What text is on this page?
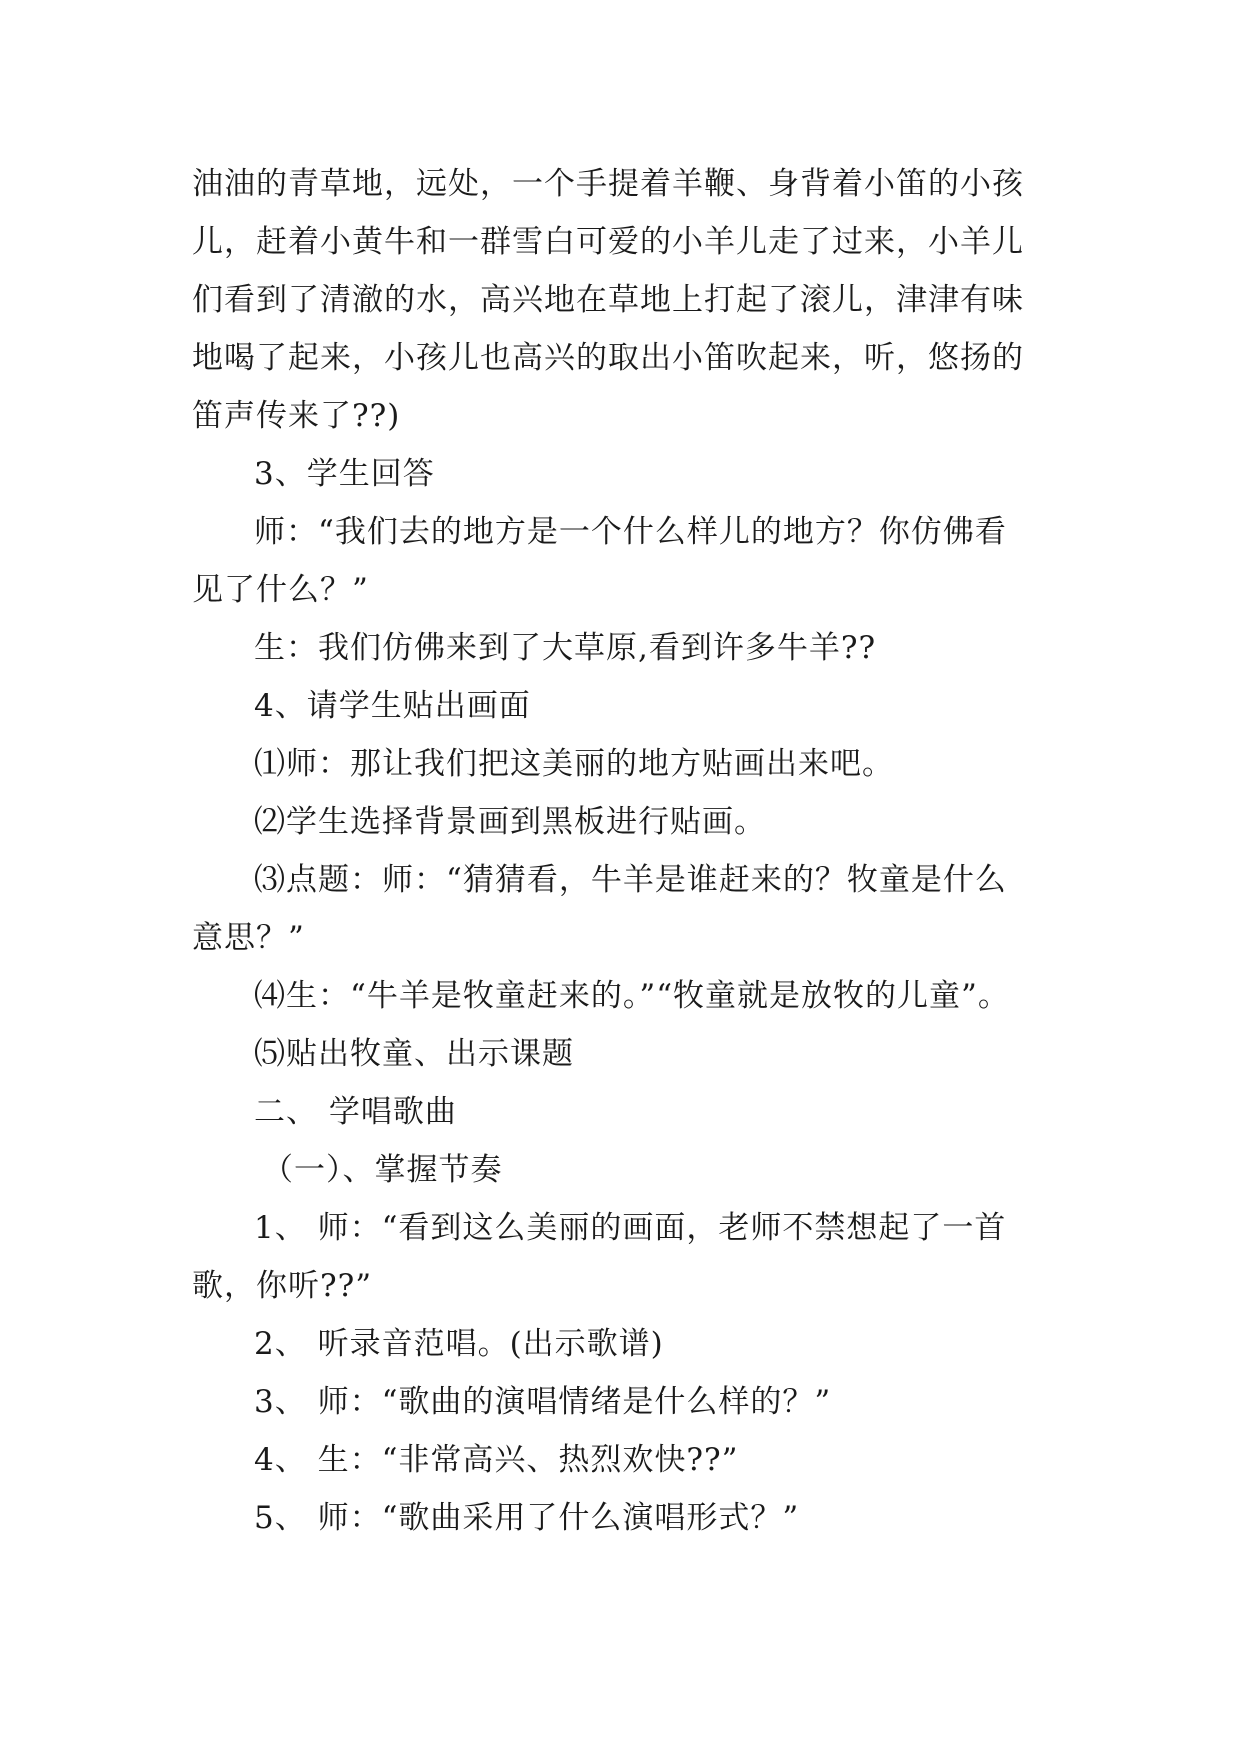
油油的青草地，远处，一个手提着羊鞭、身背着小笛的小孩
儿，赶着小黄牛和一群雪白可爱的小羊儿走了过来，小羊儿
们看到了清澈的水，高兴地在草地上打起了滚儿，津津有味
地喝了起来，小孩儿也高兴的取出小笛吹起来，听，悠扬的
笛声传来了??)
3、学生回答
师：“我们去的地方是一个什么样儿的地方？你仿佛看
见了什么？”
生：我们仿佛来到了大草原,看到许多牛羊??
4、请学生贴出画面
⑴师：那让我们把这美丽的地方贴画出来吧。
⑵学生选择背景画到黑板进行贴画。
⑶点题：师：“猜猜看，牛羊是谁赶来的？牧童是什么
意思？”
⑷生：“牛羊是牧童赶来的。”“牧童就是放牧的儿童”。
⑸贴出牧童、出示课题
二、 学唱歌曲
（一）、掌握节奏
1、 师：“看到这么美丽的画面，老师不禁想起了一首
歌，你听??”
2、 听录音范唱。(出示歌谱)
3、 师：“歌曲的演唱情绪是什么样的？”
4、 生：“非常高兴、热烈欢快??”
5、 师：“歌曲采用了什么演唱形式？”
